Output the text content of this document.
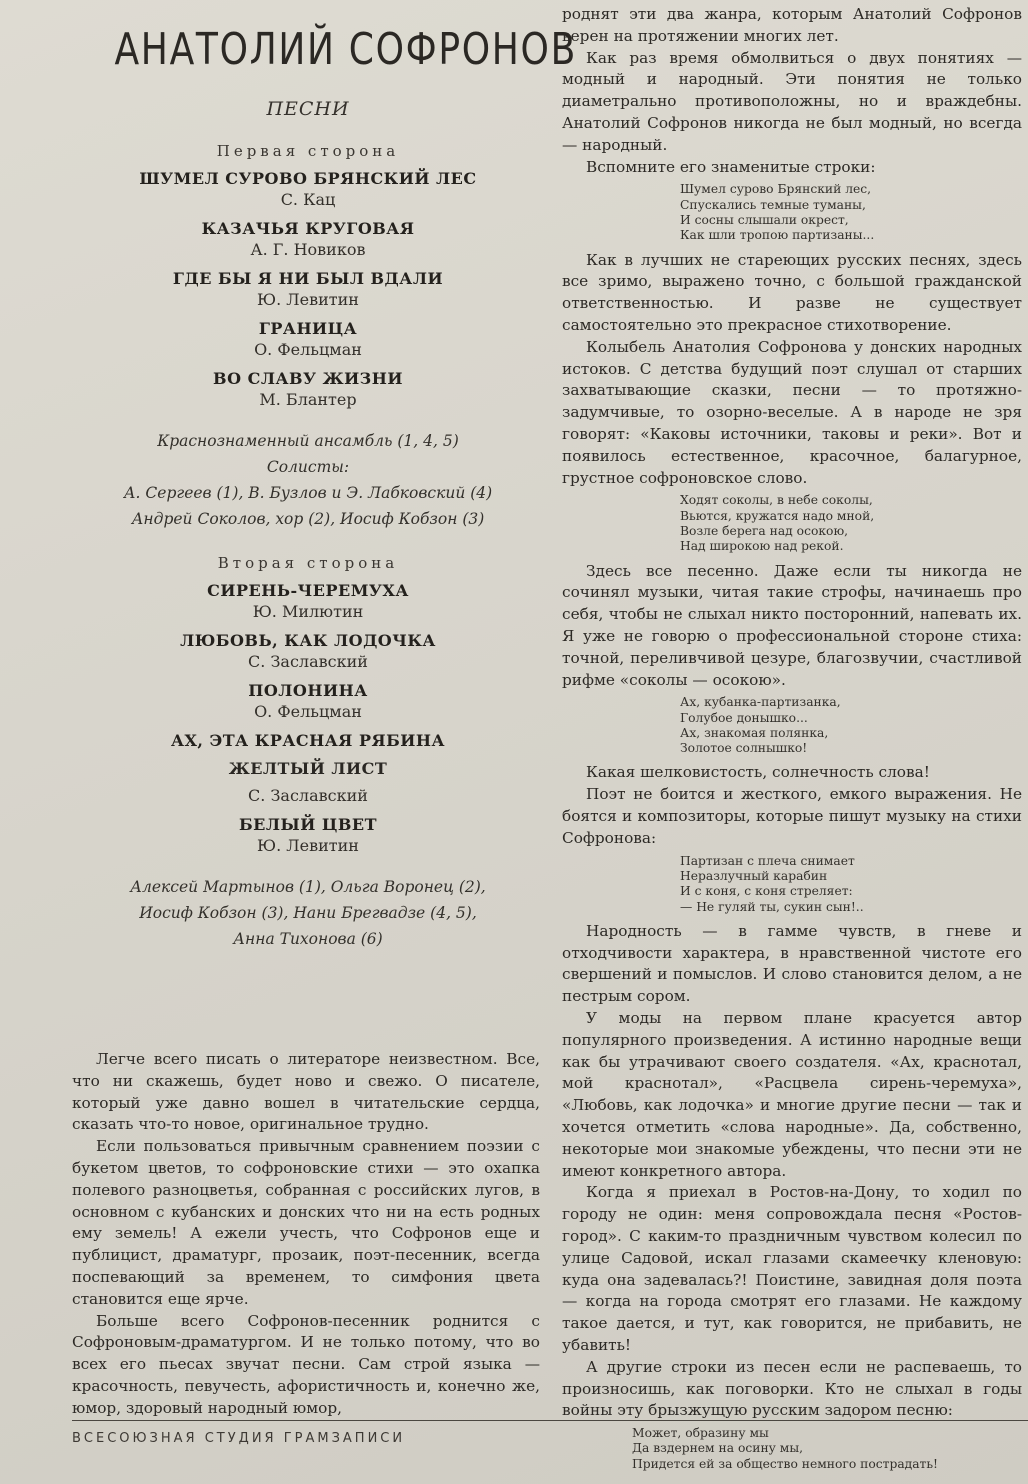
АНАТОЛИЙ СОФРОНОВ
ПЕСНИ
Первая сторона
ШУМЕЛ СУРОВО БРЯНСКИЙ ЛЕС
С. Кац
КАЗАЧЬЯ КРУГОВАЯ
А. Г. Новиков
ГДЕ БЫ Я НИ БЫЛ ВДАЛИ
Ю. Левитин
ГРАНИЦА
О. Фельцман
ВО СЛАВУ ЖИЗНИ
М. Блантер
Краснознаменный ансамбль (1, 4, 5)
Солисты:
А. Сергеев (1), В. Бузлов и Э. Лабковский (4)
Андрей Соколов, хор (2), Иосиф Кобзон (3)
Вторая сторона
СИРЕНЬ-ЧЕРЕМУХА
Ю. Милютин
ЛЮБОВЬ, КАК ЛОДОЧКА
С. Заславский
ПОЛОНИНА
О. Фельцман
АХ, ЭТА КРАСНАЯ РЯБИНА
ЖЕЛТЫЙ ЛИСТ
С. Заславский
БЕЛЫЙ ЦВЕТ
Ю. Левитин
Алексей Мартынов (1), Ольга Воронец (2),
Иосиф Кобзон (3), Нани Брегвадзе (4, 5),
Анна Тихонова (6)

Легче всего писать о литераторе неизвестном. Все, что ни скажешь, будет ново и свежо. О писателе, который уже давно вошел в читательские сердца, сказать что-то новое, оригинальное трудно.

Если пользоваться привычным сравнением поэзии с букетом цветов, то софроновские стихи — это охапка полевого разноцветья, собранная с российских лугов, в основном с кубанских и донских что ни на есть родных ему земель! А ежели учесть, что Софронов еще и публицист, драматург, прозаик, поэт-песенник, всегда поспевающий за временем, то симфония цвета становится еще ярче.

Больше всего Софронов-песенник роднится с Софроновым-драматургом. И не только потому, что во всех его пьесах звучат песни. Сам строй языка — красочность, певучесть, афористичность и, конечно же, юмор, здоровый народный юмор,

роднят эти два жанра, которым Анатолий Софронов верен на протяжении многих лет.

Как раз время обмолвиться о двух понятиях — модный и народный. Эти понятия не только диаметрально противоположны, но и враждебны. Анатолий Софронов никогда не был модный, но всегда — народный.

Вспомните его знаменитые строки:

Шумел сурово Брянский лес,
Спускались темные туманы,
И сосны слышали окрест,
Как шли тропою партизаны...

Как в лучших не стареющих русских песнях, здесь все зримо, выражено точно, с большой гражданской ответственностью. И разве не существует самостоятельно это прекрасное стихотворение.

Колыбель Анатолия Софронова у донских народных истоков. С детства будущий поэт слушал от старших захватывающие сказки, песни — то протяжно-задумчивые, то озорно-веселые. А в народе не зря говорят: «Каковы источники, таковы и реки». Вот и появилось естественное, красочное, балагурное, грустное софроновское слово.

Ходят соколы, в небе соколы,
Вьются, кружатся надо мной,
Возле берега над осокою,
Над широкою над рекой.

Здесь все песенно. Даже если ты никогда не сочинял музыки, читая такие строфы, начинаешь про себя, чтобы не слыхал никто посторонний, напевать их. Я уже не говорю о профессиональной стороне стиха: точной, переливчивой цезуре, благозвучии, счастливой рифме «соколы — осокою».

Ах, кубанка-партизанка,
Голубое донышко...
Ах, знакомая полянка,
Золотое солнышко!

Какая шелковистость, солнечность слова!

Поэт не боится и жесткого, емкого выражения. Не боятся и композиторы, которые пишут музыку на стихи Софронова:

Партизан с плеча снимает
Неразлучный карабин
И с коня, с коня стреляет:
— Не гуляй ты, сукин сын!..

Народность — в гамме чувств, в гневе и отходчивости характера, в нравственной чистоте его свершений и помыслов. И слово становится делом, а не пестрым сором.

У моды на первом плане красуется автор популярного произведения. А истинно народные вещи как бы утрачивают своего создателя. «Ах, краснотал, мой краснотал», «Расцвела сирень-черемуха», «Любовь, как лодочка» и многие другие песни — так и хочется отметить «слова народные». Да, собственно, некоторые мои знакомые убеждены, что песни эти не имеют конкретного автора.

Когда я приехал в Ростов-на-Дону, то ходил по городу не один: меня сопровождала песня «Ростов-город». С каким-то праздничным чувством колесил по улице Садовой, искал глазами скамеечку кленовую: куда она задевалась?! Поистине, завидная доля поэта — когда на города смотрят его глазами. Не каждому такое дается, и тут, как говорится, не прибавить, не убавить!

А другие строки из песен если не распеваешь, то произносишь, как поговорки. Кто не слыхал в годы войны эту брызжущую русским задором песню:

Может, образину мы
Да вздернем на осину мы,
Придется ей за общество немного пострадать!
ВСЕСОЮЗНАЯ СТУДИЯ ГРАМЗАПИСИ
